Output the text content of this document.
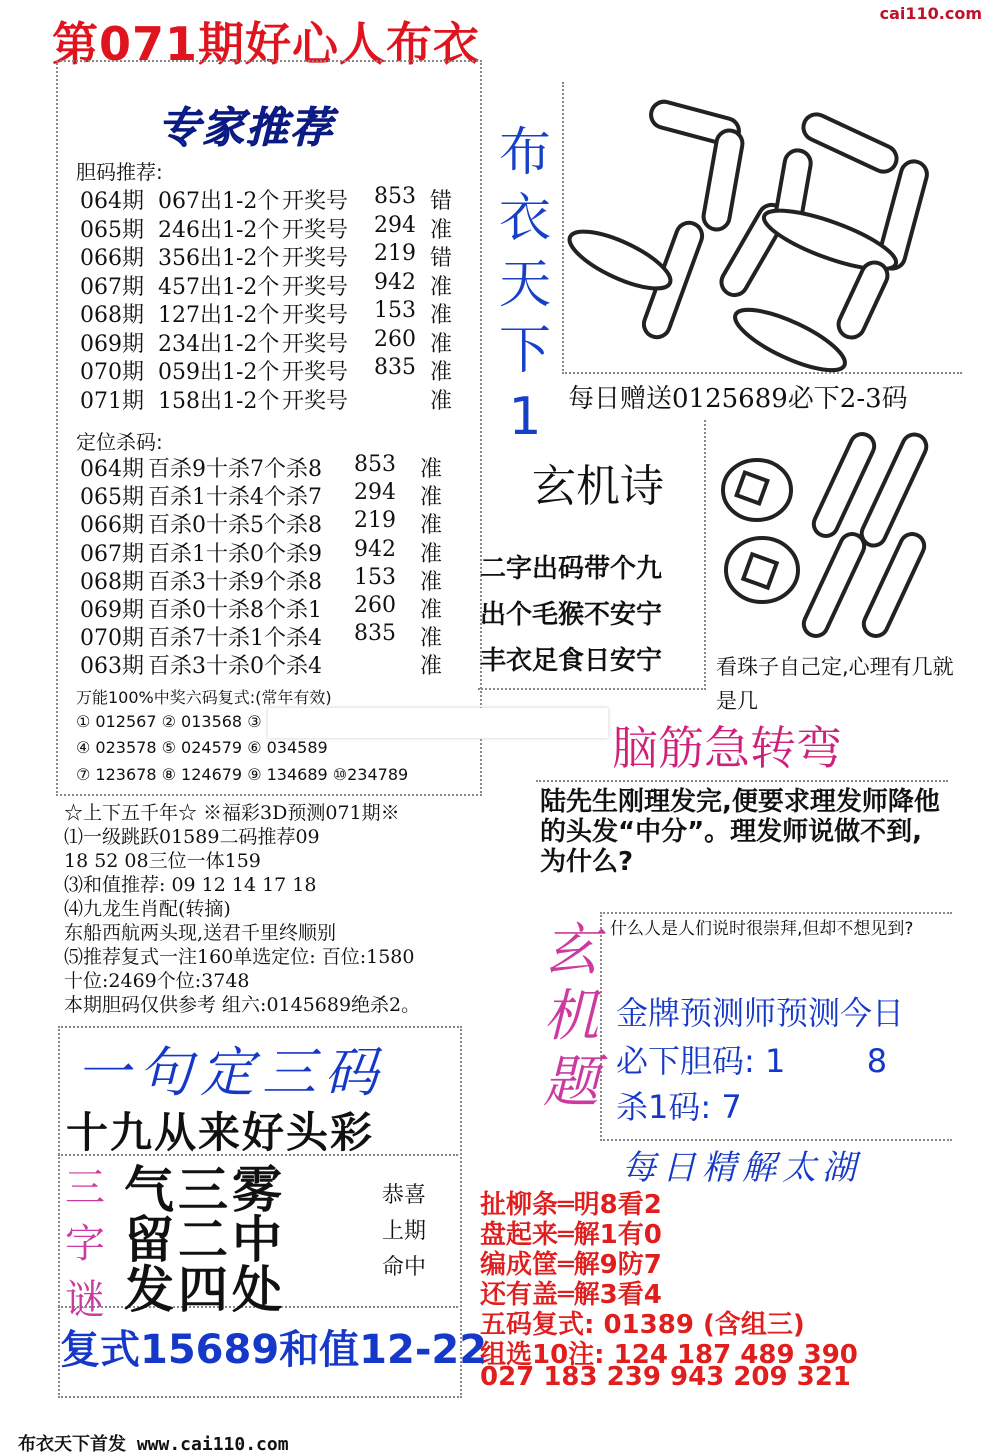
第071期好心人布衣
cai110.com
专家推荐
胆码推荐:
064期 067出1-2个 开奖号 853 错
065期 246出1-2个 开奖号 294 准
066期 356出1-2个 开奖号 219 错
067期 457出1-2个 开奖号 942 准
068期 127出1-2个 开奖号 153 准
069期 234出1-2个 开奖号 260 准
070期 059出1-2个 开奖号 835 准
071期 158出1-2个 开奖号	准
定位杀码:
064期 百杀9十杀7个杀8 853 准
065期 百杀1十杀4个杀7 294 准
066期 百杀0十杀5个杀8 219 准
067期 百杀1十杀0个杀9 942 准
068期 百杀3十杀9个杀8 153 准
069期 百杀0十杀8个杀1 260 准
070期 百杀7十杀1个杀4 835 准
063期 百杀3十杀0个杀4	准
万能100%中奖六码复式:(常年有效)
① 012567 ② 013568 ③
④ 023578 ⑤ 024579 ⑥ 034589
⑦ 123678 ⑧ 124679 ⑨ 134689 ⑩234789
☆上下五千年☆ ※福彩3D预测071期※
⑴一级跳跃01589二码推荐09
18 52 08三位一体159
⑶和值推荐: 09 12 14 17 18
⑷九龙生肖配(转摘)
东船西航两头现,送君千里终顺别
⑸推荐复式一注160单选定位: 百位:1580
十位:2469个位:3748
本期胆码仅供参考 组六:0145689绝杀2。
布
衣
天
下
1	每日赠送0125689必下2-3码
玄机诗
二字出码带个九
出个毛猴不安宁
丰衣足食日安宁	看珠子自己定,心理有几就是几
脑筋急转弯
陆先生刚理发完,便要求理发师降他的头发“中分”。理发师说做不到,为什么?
玄
机
题
什么人是人们说时很崇拜,但却不想见到?
金牌预测师预测今日
必下胆码: 1        8
杀1码: 7
每日精解太湖
扯柳条═明8看2
盘起来═解1有0
编成筐═解9防7
还有盖═解3看4
五码复式: 01389 (含组三)
组选10注: 124 187 489 390
027 183 239 943 209 321
一句定三码
十九从来好头彩
三
字
谜
气三雾
留二中
发四处
恭喜
上期
命中
复式15689和值12-22
布衣天下首发 www.cai110.com
